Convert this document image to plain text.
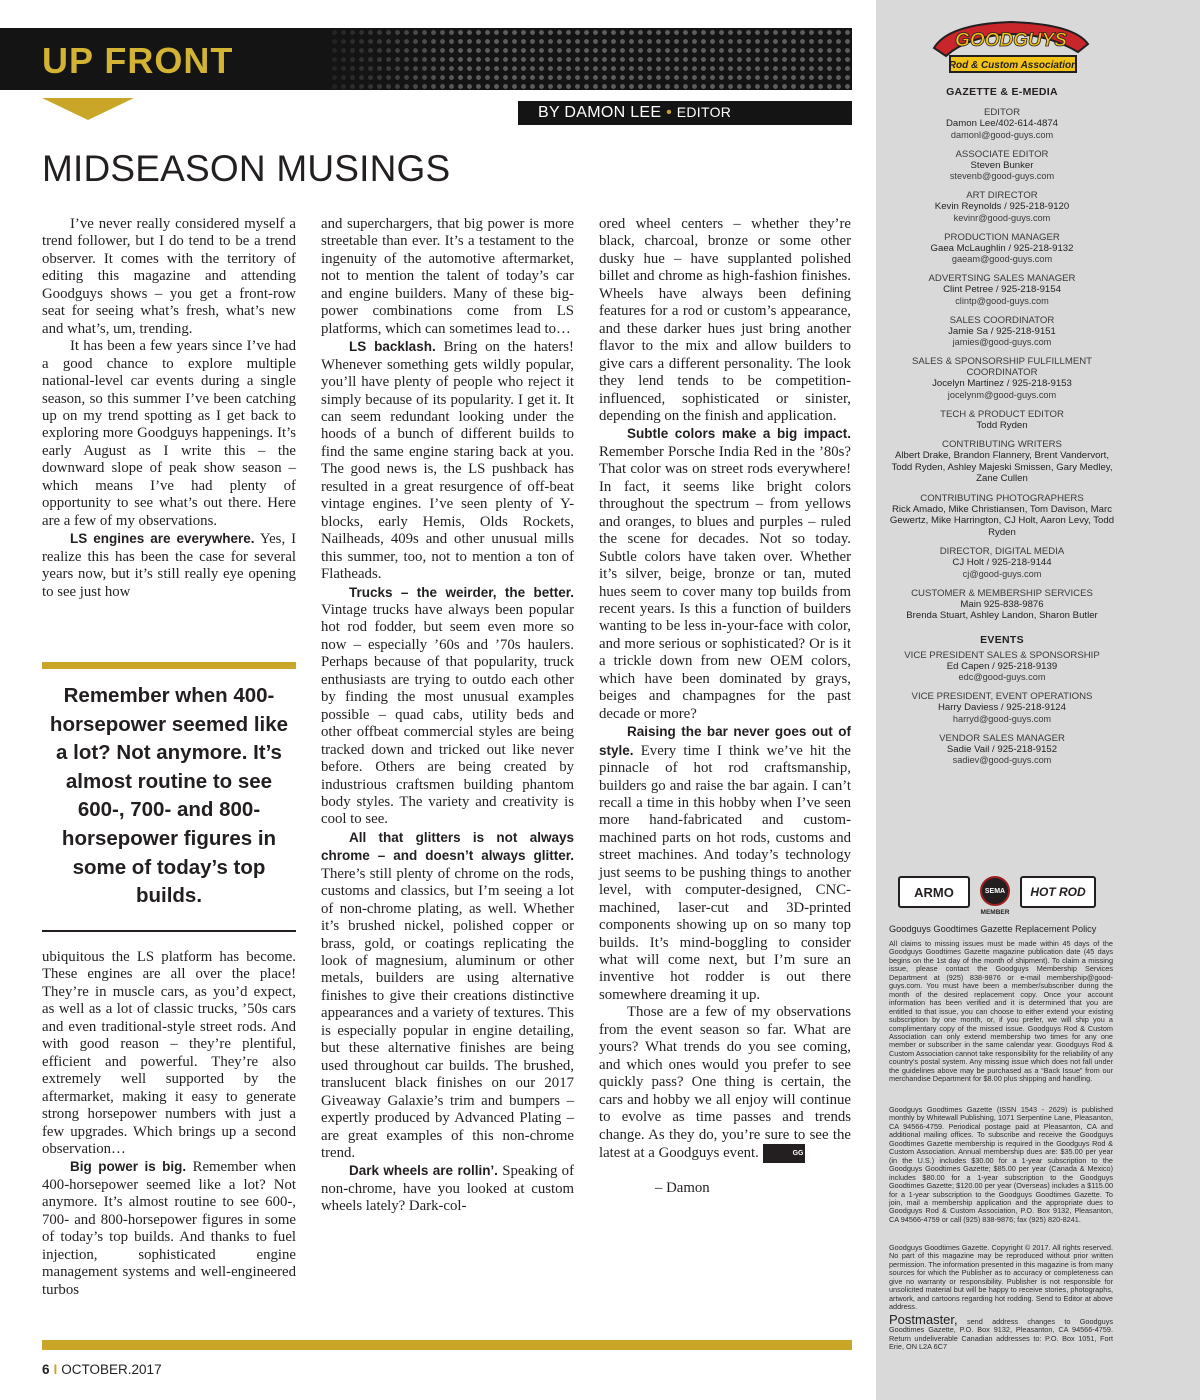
UP FRONT
BY DAMON LEE • EDITOR
MIDSEASON MUSINGS

I’ve never really considered myself a trend follower, but I do tend to be a trend observer. It comes with the territory of editing this magazine and attending Goodguys shows – you get a front-row seat for seeing what’s fresh, what’s new and what’s, um, trending.

It has been a few years since I’ve had a good chance to explore multiple national-level car events during a single season, so this summer I’ve been catching up on my trend spotting as I get back to exploring more Goodguys happenings. It’s early August as I write this – the downward slope of peak show season – which means I’ve had plenty of opportunity to see what’s out there. Here are a few of my observations.

LS engines are everywhere. Yes, I realize this has been the case for several years now, but it’s still really eye opening to see just how

Remember when 400-horsepower seemed like a lot? Not anymore. It’s almost routine to see 600-, 700- and 800-horsepower figures in some of today’s top builds.

ubiquitous the LS platform has become. These engines are all over the place! They’re in muscle cars, as you’d expect, as well as a lot of classic trucks, ’50s cars and even traditional-style street rods. And with good reason – they’re plentiful, efficient and powerful. They’re also extremely well supported by the aftermarket, making it easy to generate strong horsepower numbers with just a few upgrades. Which brings up a second observation…

Big power is big. Remember when 400-horsepower seemed like a lot? Not anymore. It’s almost routine to see 600-, 700- and 800-horsepower figures in some of today’s top builds. And thanks to fuel injection, sophisticated engine management systems and well-engineered turbos

and superchargers, that big power is more streetable than ever. It’s a testament to the ingenuity of the automotive aftermarket, not to mention the talent of today’s car and engine builders. Many of these big-power combinations come from LS platforms, which can sometimes lead to…

LS backlash. Bring on the haters! Whenever something gets wildly popular, you’ll have plenty of people who reject it simply because of its popularity. I get it. It can seem redundant looking under the hoods of a bunch of different builds to find the same engine staring back at you. The good news is, the LS pushback has resulted in a great resurgence of off-beat vintage engines. I’ve seen plenty of Y-blocks, early Hemis, Olds Rockets, Nailheads, 409s and other unusual mills this summer, too, not to mention a ton of Flatheads.

Trucks – the weirder, the better. Vintage trucks have always been popular hot rod fodder, but seem even more so now – especially ’60s and ’70s haulers. Perhaps because of that popularity, truck enthusiasts are trying to outdo each other by finding the most unusual examples possible – quad cabs, utility beds and other offbeat commercial styles are being tracked down and tricked out like never before. Others are being created by industrious craftsmen building phantom body styles. The variety and creativity is cool to see.

All that glitters is not always chrome – and doesn’t always glitter. There’s still plenty of chrome on the rods, customs and classics, but I’m seeing a lot of non-chrome plating, as well. Whether it’s brushed nickel, polished copper or brass, gold, or coatings replicating the look of magnesium, aluminum or other metals, builders are using alternative finishes to give their creations distinctive appearances and a variety of textures. This is especially popular in engine detailing, but these alternative finishes are being used throughout car builds. The brushed, translucent black finishes on our 2017 Giveaway Galaxie’s trim and bumpers – expertly produced by Advanced Plating – are great examples of this non-chrome trend.

Dark wheels are rollin’. Speaking of non-chrome, have you looked at custom wheels lately? Dark-col-

ored wheel centers – whether they’re black, charcoal, bronze or some other dusky hue – have supplanted polished billet and chrome as high-fashion finishes. Wheels have always been defining features for a rod or custom’s appearance, and these darker hues just bring another flavor to the mix and allow builders to give cars a different personality. The look they lend tends to be competition-influenced, sophisticated or sinister, depending on the finish and application.

Subtle colors make a big impact. Remember Porsche India Red in the ’80s? That color was on street rods everywhere! In fact, it seems like bright colors throughout the spectrum – from yellows and oranges, to blues and purples – ruled the scene for decades. Not so today. Subtle colors have taken over. Whether it’s silver, beige, bronze or tan, muted hues seem to cover many top builds from recent years. Is this a function of builders wanting to be less in-your-face with color, and more serious or sophisticated? Or is it a trickle down from new OEM colors, which have been dominated by grays, beiges and champagnes for the past decade or more?

Raising the bar never goes out of style. Every time I think we’ve hit the pinnacle of hot rod craftsmanship, builders go and raise the bar again. I can’t recall a time in this hobby when I’ve seen more hand-fabricated and custom-machined parts on hot rods, customs and street machines. And today’s technology just seems to be pushing things to another level, with computer-designed, CNC-machined, laser-cut and 3D-printed components showing up on so many top builds. It’s mind-boggling to consider what will come next, but I’m sure an inventive hot rodder is out there somewhere dreaming it up.

Those are a few of my observations from the event season so far. What are yours? What trends do you see coming, and which ones would you prefer to see quickly pass? One thing is certain, the cars and hobby we all enjoy will continue to evolve as time passes and trends change. As they do, you’re sure to see the latest at a Goodguys event.	GG

– Damon

6 I OCTOBER.2017
GOODGUYS
Rod & Custom Association
GAZETTE & E-MEDIA
EDITOR
Damon Lee/402-614-4874
damonl@good-guys.com
ASSOCIATE EDITOR
Steven Bunker
stevenb@good-guys.com
ART DIRECTOR
Kevin Reynolds / 925-218-9120
kevinr@good-guys.com
PRODUCTION MANAGER
Gaea McLaughlin / 925-218-9132
gaeam@good-guys.com
ADVERTSING SALES MANAGER
Clint Petree / 925-218-9154
clintp@good-guys.com
SALES COORDINATOR
Jamie Sa / 925-218-9151
jamies@good-guys.com
SALES & SPONSORSHIP FULFILLMENT
COORDINATOR
Jocelyn Martinez / 925-218-9153
jocelynm@good-guys.com
TECH & PRODUCT EDITOR
Todd Ryden
CONTRIBUTING WRITERS
Albert Drake, Brandon Flannery, Brent Vandervort, Todd Ryden, Ashley Majeski Smissen, Gary Medley, Zane Cullen
CONTRIBUTING PHOTOGRAPHERS
Rick Amado, Mike Christiansen, Tom Davison, Marc Gewertz, Mike Harrington, CJ Holt, Aaron Levy, Todd Ryden
DIRECTOR, DIGITAL MEDIA
CJ Holt / 925-218-9144
cj@good-guys.com
CUSTOMER & MEMBERSHIP SERVICES
Main 925-838-9876
Brenda Stuart, Ashley Landon, Sharon Butler
EVENTS
VICE PRESIDENT SALES & SPONSORSHIP
Ed Capen / 925-218-9139
edc@good-guys.com
VICE PRESIDENT, EVENT OPERATIONS
Harry Daviess / 925-218-9124
harryd@good-guys.com
VENDOR SALES MANAGER
Sadie Vail / 925-218-9152
sadiev@good-guys.com
ARMO	SEMA
MEMBER
HOT ROD
Goodguys Goodtimes Gazette Replacement Policy
All claims to missing issues must be made within 45 days of the Goodguys Goodtimes Gazette magazine publication date (45 days begins on the 1st day of the month of shipment). To claim a missing issue, please contact the Goodguys Membership Services Department at (925) 838-9876 or e-mail membership@good-guys.com. You must have been a member/subscriber during the month of the desired replacement copy. Once your account information has been verified and it is determined that you are entitled to that issue, you can choose to either extend your existing subscription by one month, or, if you prefer, we will ship you a complimentary copy of the missed issue. Goodguys Rod & Custom Association can only extend membership two times for any one member or subscriber in the same calendar year. Goodguys Rod & Custom Association cannot take responsibility for the reliability of any country’s postal system. Any missing issue which does not fall under the guidelines above may be purchased as a “Back Issue” from our merchandise Department for $8.00 plus shipping and handling.
Goodguys Goodtimes Gazette (ISSN 1543 - 2629) is published monthly by Whitewall Publishing, 1071 Serpentine Lane, Pleasanton, CA 94566-4759. Periodical postage paid at Pleasanton, CA and additional mailing offices. To subscribe and receive the Goodguys Goodtimes Gazette membership is required in the Goodguys Rod & Custom Association. Annual membership dues are: $35.00 per year (in the U.S.) includes $30.00 for a 1-year subscription to the Goodguys Goodtimes Gazette; $85.00 per year (Canada & Mexico) includes $80.00 for a 1-year subscription to the Goodguys Goodtimes Gazette; $120.00 per year (Overseas) includes a $115.00 for a 1-year subscription to the Goodguys Goodtimes Gazette. To join, mail a membership application and the appropriate dues to Goodguys Rod & Custom Association, P.O. Box 9132, Pleasanton, CA 94566-4759 or call (925) 838-9876; fax (925) 820-8241.
Goodguys Goodtimes Gazette. Copyright © 2017. All rights reserved. No part of this magazine may be reproduced without prior written permission. The information presented in this magazine is from many sources for which the Publisher as to accuracy or completeness can give no warranty or responsibility. Publisher is not responsible for unsolicited material but will be happy to receive stories, photographs, artwork, and cartoons regarding hot rodding. Send to Editor at above address.
Postmaster, send address changes to Goodguys Goodtimes Gazette, P.O. Box 9132, Pleasanton, CA 94566-4759. Return undeliverable Canadian addresses to: P.O. Box 1051, Fort Erie, ON L2A 6C7
